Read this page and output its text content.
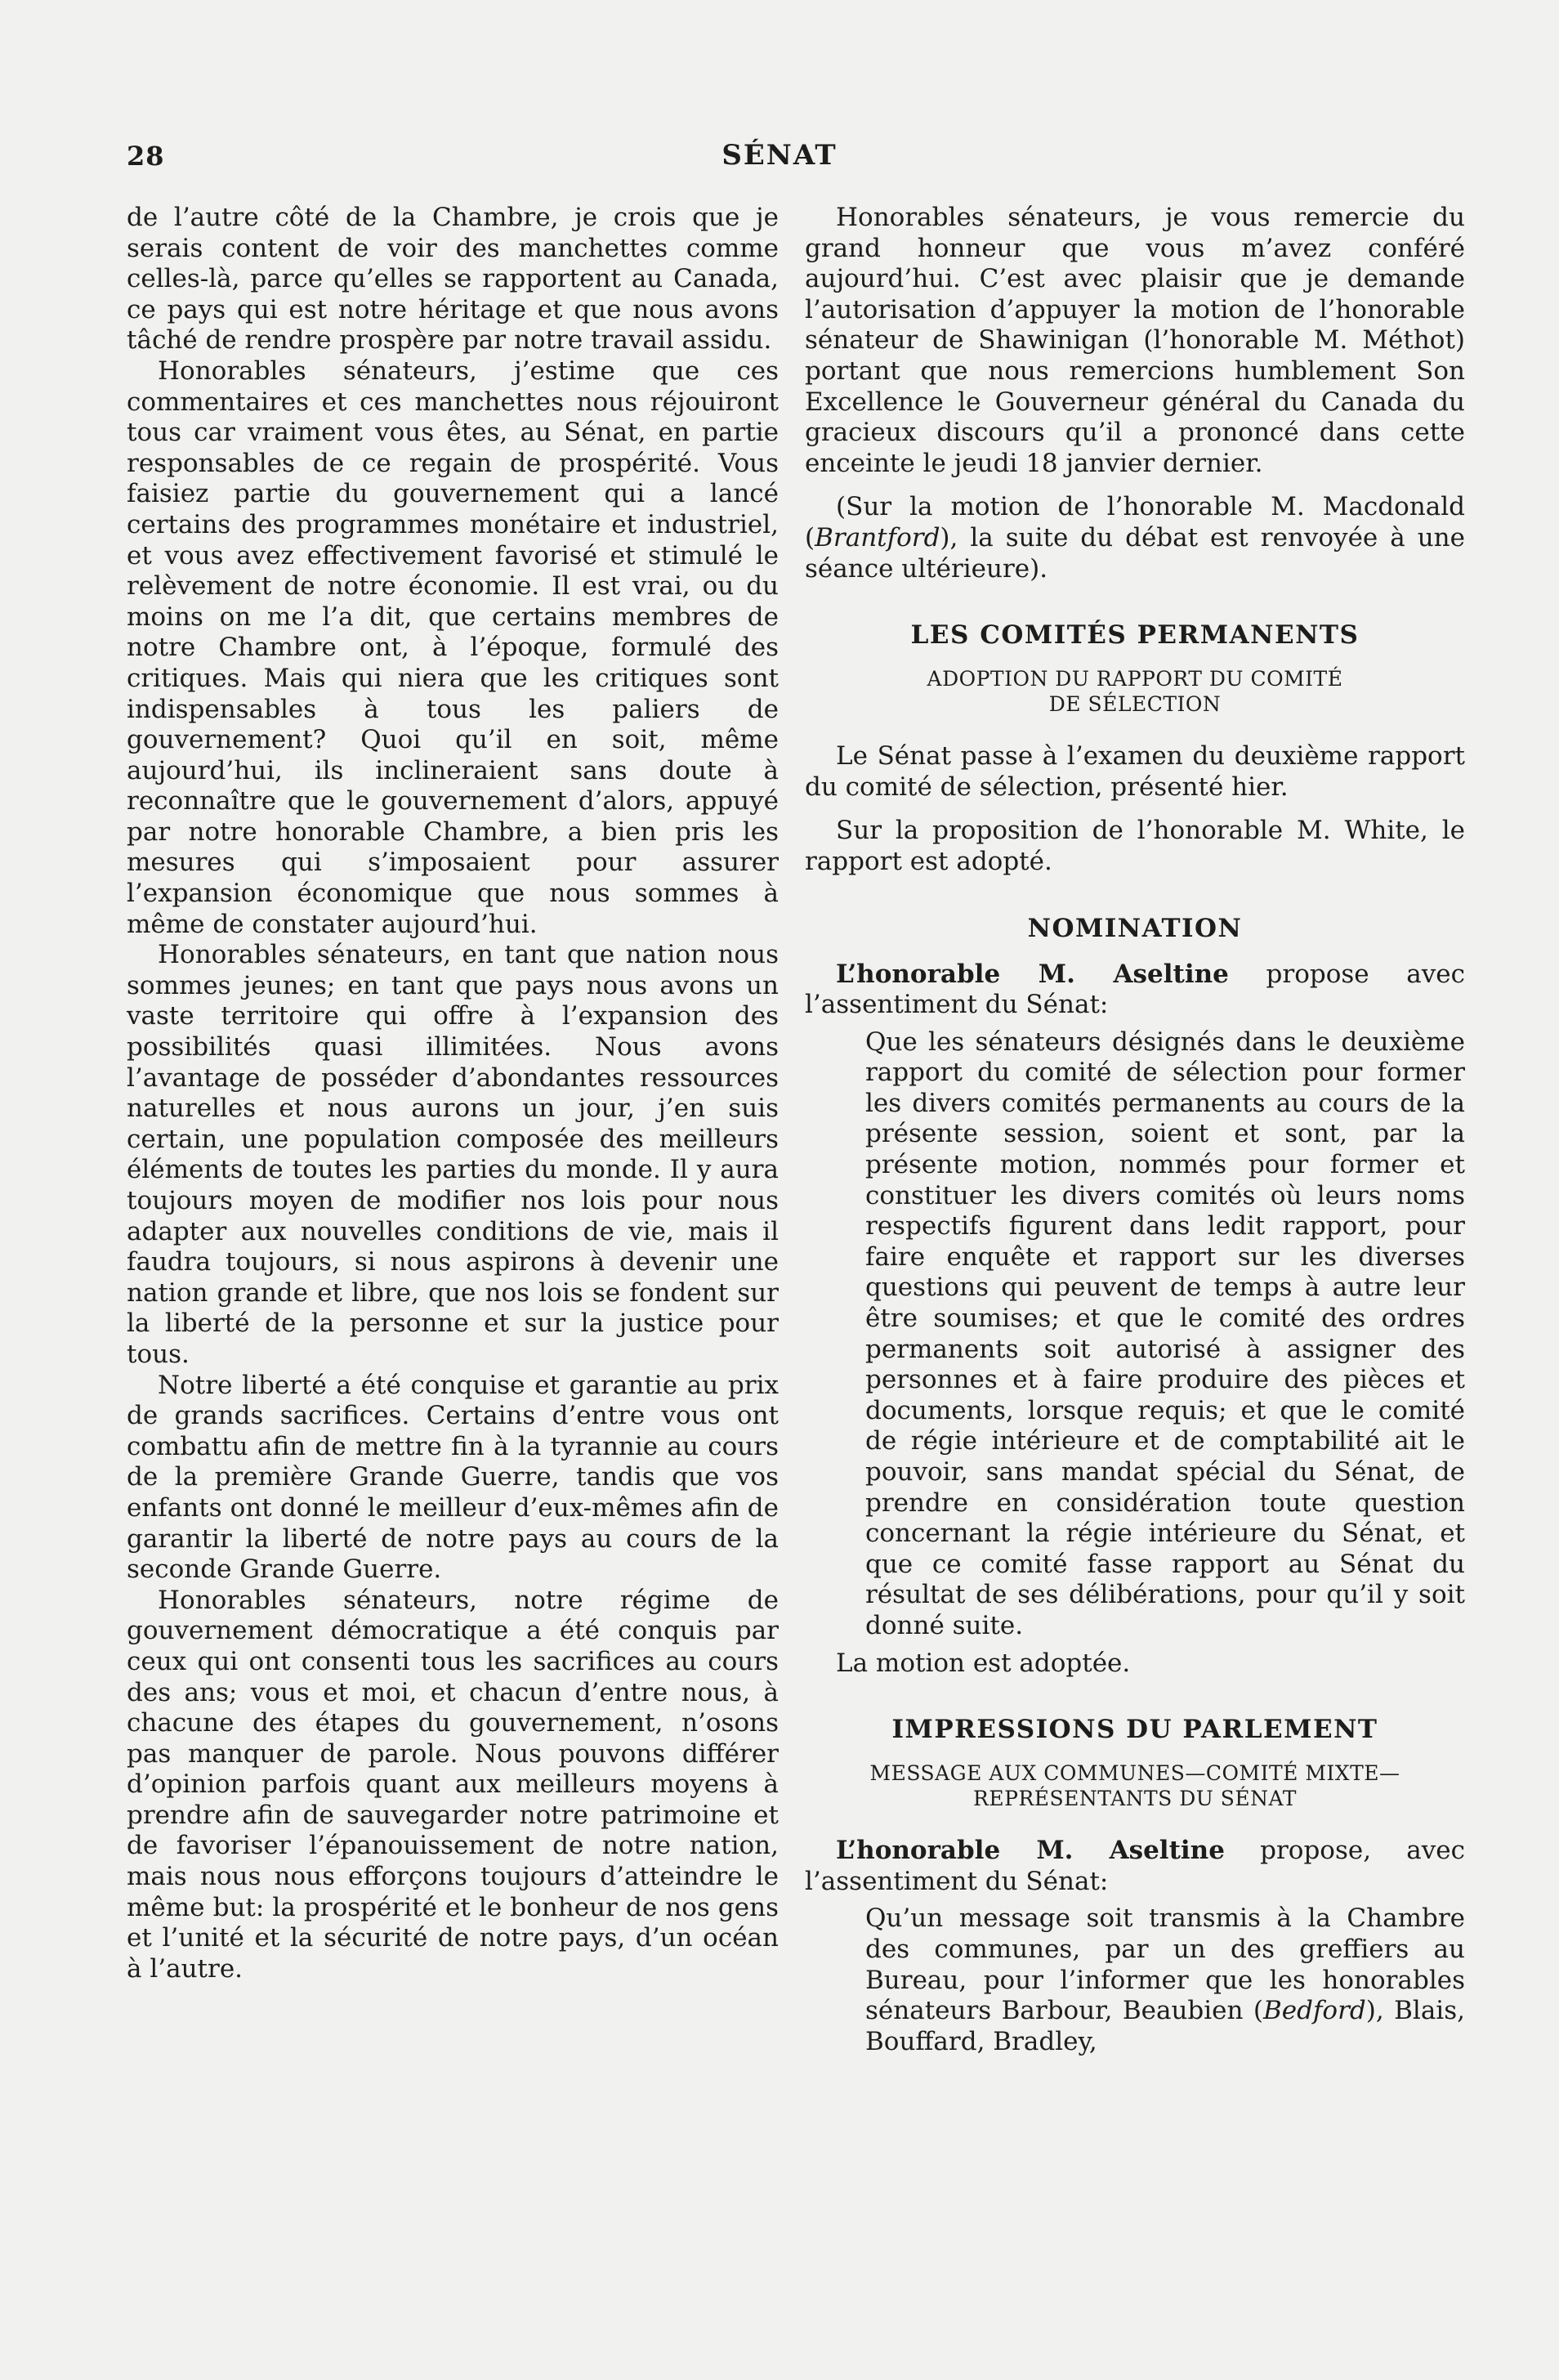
28	SÉNAT

de l’autre côté de la Chambre, je crois que je serais content de voir des manchettes comme celles-là, parce qu’elles se rapportent au Canada, ce pays qui est notre héritage et que nous avons tâché de rendre prospère par notre travail assidu.

Honorables sénateurs, j’estime que ces commentaires et ces manchettes nous réjouiront tous car vraiment vous êtes, au Sénat, en partie responsables de ce regain de prospérité. Vous faisiez partie du gouvernement qui a lancé certains des programmes monétaire et industriel, et vous avez effectivement favorisé et stimulé le relèvement de notre économie. Il est vrai, ou du moins on me l’a dit, que certains membres de notre Chambre ont, à l’époque, formulé des critiques. Mais qui niera que les critiques sont indispensables à tous les paliers de gouvernement? Quoi qu’il en soit, même aujourd’hui, ils inclineraient sans doute à reconnaître que le gouvernement d’alors, appuyé par notre honorable Chambre, a bien pris les mesures qui s’imposaient pour assurer l’expansion économique que nous sommes à même de constater aujourd’hui.

Honorables sénateurs, en tant que nation nous sommes jeunes; en tant que pays nous avons un vaste territoire qui offre à l’expansion des possibilités quasi illimitées. Nous avons l’avantage de posséder d’abondantes ressources naturelles et nous aurons un jour, j’en suis certain, une population composée des meilleurs éléments de toutes les parties du monde. Il y aura toujours moyen de modifier nos lois pour nous adapter aux nouvelles conditions de vie, mais il faudra toujours, si nous aspirons à devenir une nation grande et libre, que nos lois se fondent sur la liberté de la personne et sur la justice pour tous.

Notre liberté a été conquise et garantie au prix de grands sacrifices. Certains d’entre vous ont combattu afin de mettre fin à la tyrannie au cours de la première Grande Guerre, tandis que vos enfants ont donné le meilleur d’eux-mêmes afin de garantir la liberté de notre pays au cours de la seconde Grande Guerre.

Honorables sénateurs, notre régime de gouvernement démocratique a été conquis par ceux qui ont consenti tous les sacrifices au cours des ans; vous et moi, et chacun d’entre nous, à chacune des étapes du gouvernement, n’osons pas manquer de parole. Nous pouvons différer d’opinion parfois quant aux meilleurs moyens à prendre afin de sauvegarder notre patrimoine et de favoriser l’épanouissement de notre nation, mais nous nous efforçons toujours d’atteindre le même but: la prospérité et le bonheur de nos gens et l’unité et la sécurité de notre pays, d’un océan à l’autre.

Honorables sénateurs, je vous remercie du grand honneur que vous m’avez conféré aujourd’hui. C’est avec plaisir que je demande l’autorisation d’appuyer la motion de l’honorable sénateur de Shawinigan (l’honorable M. Méthot) portant que nous remercions humblement Son Excellence le Gouverneur général du Canada du gracieux discours qu’il a prononcé dans cette enceinte le jeudi 18 janvier dernier.

(Sur la motion de l’honorable M. Macdonald (Brantford), la suite du débat est renvoyée à une séance ultérieure).

LES COMITÉS PERMANENTS
ADOPTION DU RAPPORT DU COMITÉ
DE SÉLECTION

Le Sénat passe à l’examen du deuxième rapport du comité de sélection, présenté hier.

Sur la proposition de l’honorable M. White, le rapport est adopté.

NOMINATION

L’honorable M. Aseltine propose avec l’assentiment du Sénat:

Que les sénateurs désignés dans le deuxième rapport du comité de sélection pour former les divers comités permanents au cours de la présente session, soient et sont, par la présente motion, nommés pour former et constituer les divers comités où leurs noms respectifs figurent dans ledit rapport, pour faire enquête et rapport sur les diverses questions qui peuvent de temps à autre leur être soumises; et que le comité des ordres permanents soit autorisé à assigner des personnes et à faire produire des pièces et documents, lorsque requis; et que le comité de régie intérieure et de comptabilité ait le pouvoir, sans mandat spécial du Sénat, de prendre en considération toute question concernant la régie intérieure du Sénat, et que ce comité fasse rapport au Sénat du résultat de ses délibérations, pour qu’il y soit donné suite.

La motion est adoptée.

IMPRESSIONS DU PARLEMENT
MESSAGE AUX COMMUNES—COMITÉ MIXTE—
REPRÉSENTANTS DU SÉNAT

L’honorable M. Aseltine propose, avec l’assentiment du Sénat:

Qu’un message soit transmis à la Chambre des communes, par un des greffiers au Bureau, pour l’informer que les honorables sénateurs Barbour, Beaubien (Bedford), Blais, Bouffard, Bradley,
